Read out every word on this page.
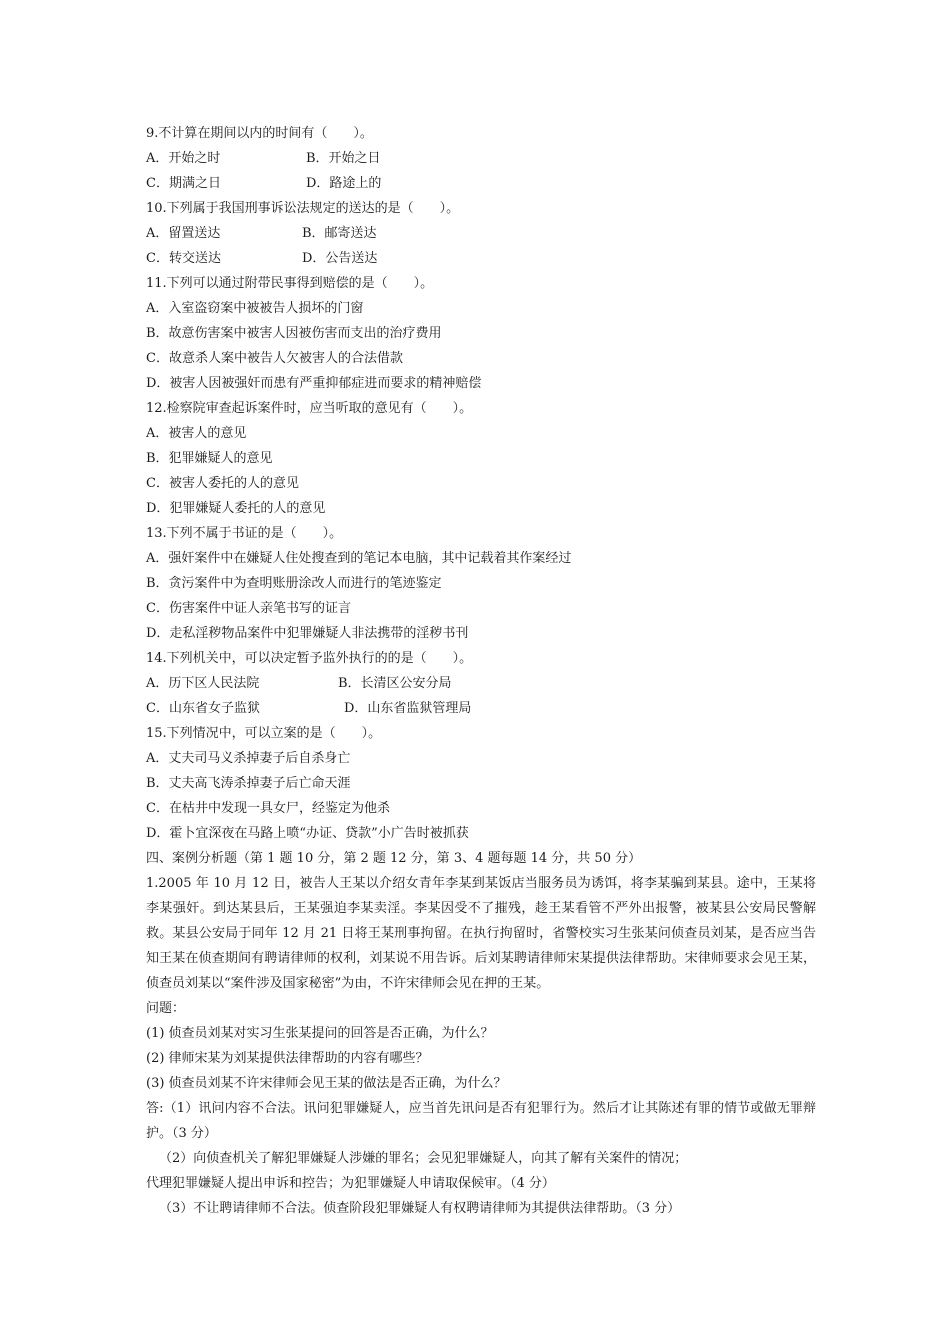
9.不计算在期间以内的时间有（　　）。
A．开始之时	B．开始之日
C．期满之日	D．路途上的
10.下列属于我国刑事诉讼法规定的送达的是（　　）。
A．留置送达	B．邮寄送达
C．转交送达	D．公告送达
11.下列可以通过附带民事得到赔偿的是（　　）。
A．入室盗窃案中被被告人损坏的门窗
B．故意伤害案中被害人因被伤害而支出的治疗费用
C．故意杀人案中被告人欠被害人的合法借款
D．被害人因被强奸而患有严重抑郁症进而要求的精神赔偿
12.检察院审查起诉案件时，应当听取的意见有（　　）。
A．被害人的意见
B．犯罪嫌疑人的意见
C．被害人委托的人的意见
D．犯罪嫌疑人委托的人的意见
13.下列不属于书证的是（　　）。
A．强奸案件中在嫌疑人住处搜查到的笔记本电脑，其中记载着其作案经过
B．贪污案件中为查明账册涂改人而进行的笔迹鉴定
C．伤害案件中证人亲笔书写的证言
D．走私淫秽物品案件中犯罪嫌疑人非法携带的淫秽书刊
14.下列机关中，可以决定暂予监外执行的的是（　　）。
A．历下区人民法院	B．长清区公安分局
C．山东省女子监狱	D．山东省监狱管理局
15.下列情况中，可以立案的是（　　）。
A．丈夫司马义杀掉妻子后自杀身亡
B．丈夫高飞涛杀掉妻子后亡命天涯
C．在枯井中发现一具女尸，经鉴定为他杀
D．霍卜宜深夜在马路上喷“办证、贷款”小广告时被抓获
四、案例分析题（第 1 题 10 分，第 2 题 12 分，第 3、4 题每题 14 分，共 50 分）
1.2005 年 10 月 12 日，被告人王某以介绍女青年李某到某饭店当服务员为诱饵，将李某骗到某县。途中，王某将李某强奸。到达某县后，王某强迫李某卖淫。李某因受不了摧残，趁王某看管不严外出报警，被某县公安局民警解救。某县公安局于同年 12 月 21 日将王某刑事拘留。在执行拘留时，省警校实习生张某问侦查员刘某，是否应当告知王某在侦查期间有聘请律师的权利，刘某说不用告诉。后刘某聘请律师宋某提供法律帮助。宋律师要求会见王某，侦查员刘某以“案件涉及国家秘密”为由，不许宋律师会见在押的王某。
问题：
(1) 侦查员刘某对实习生张某提问的回答是否正确，为什么？
(2) 律师宋某为刘某提供法律帮助的内容有哪些？
(3) 侦查员刘某不许宋律师会见王某的做法是否正确，为什么？
答:（1）讯问内容不合法。讯问犯罪嫌疑人，应当首先讯问是否有犯罪行为。然后才让其陈述有罪的情节或做无罪辩护。（3 分）
（2）向侦查机关了解犯罪嫌疑人涉嫌的罪名；会见犯罪嫌疑人，向其了解有关案件的情况；
代理犯罪嫌疑人提出申诉和控告；为犯罪嫌疑人申请取保候审。（4 分）
（3）不让聘请律师不合法。侦查阶段犯罪嫌疑人有权聘请律师为其提供法律帮助。（3 分）
